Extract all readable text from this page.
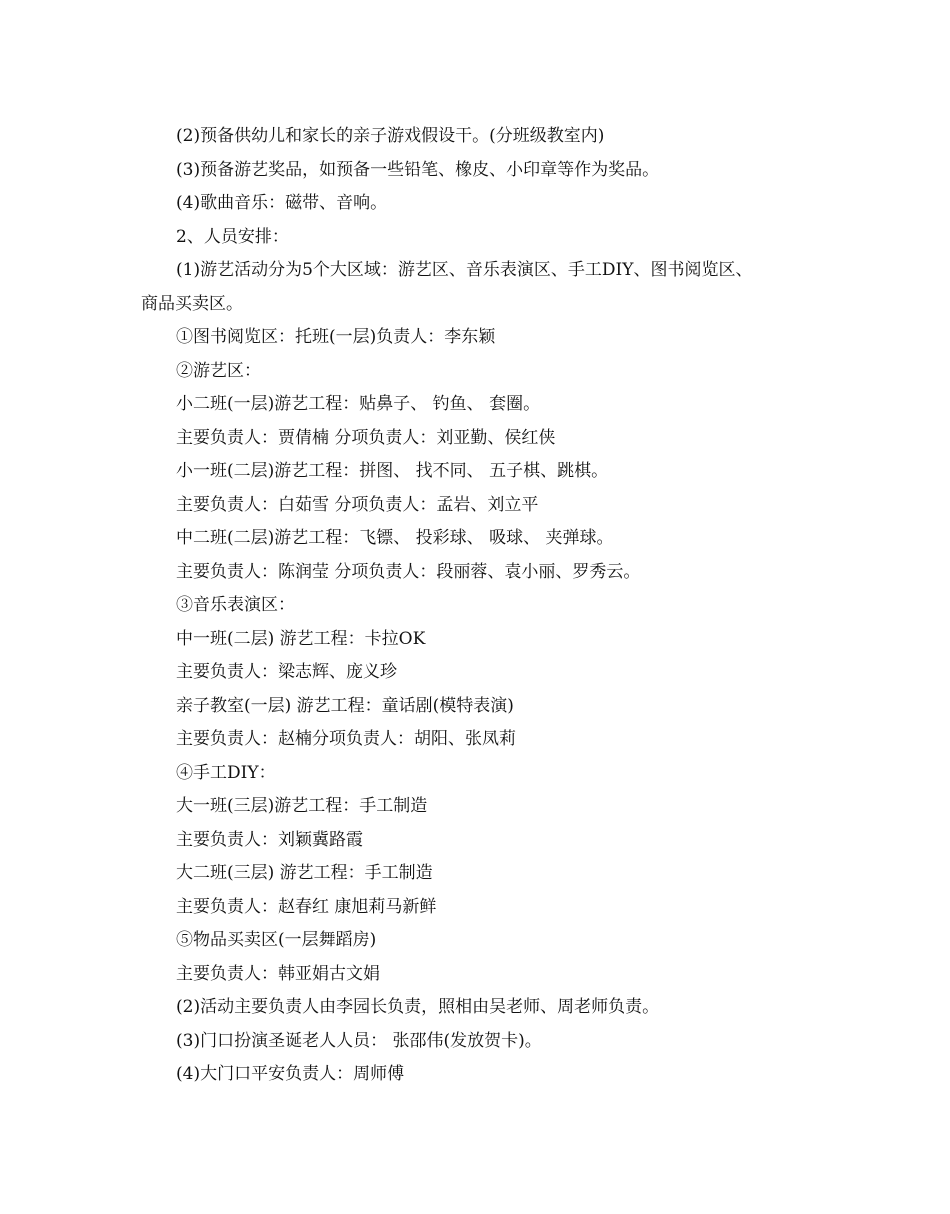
(2)预备供幼儿和家长的亲子游戏假设干。(分班级教室内)
(3)预备游艺奖品，如预备一些铅笔、橡皮、小印章等作为奖品。
(4)歌曲音乐：磁带、音响。
2、人员安排：
(1)游艺活动分为5个大区域：游艺区、音乐表演区、手工DIY、图书阅览区、
商品买卖区。
①图书阅览区：托班(一层)负责人：李东颖
②游艺区：
小二班(一层)游艺工程：贴鼻子、 钓鱼、 套圈。
主要负责人：贾倩楠 分项负责人：刘亚勤、侯红侠
小一班(二层)游艺工程：拼图、 找不同、 五子棋、跳棋。
主要负责人：白茹雪 分项负责人：孟岩、刘立平
中二班(二层)游艺工程：飞镖、 投彩球、 吸球、 夹弹球。
主要负责人：陈润莹 分项负责人：段丽蓉、袁小丽、罗秀云。
③音乐表演区：
中一班(二层) 游艺工程：卡拉OK
主要负责人：梁志辉、庞义珍
亲子教室(一层) 游艺工程：童话剧(模特表演)
主要负责人：赵楠分项负责人：胡阳、张凤莉
④手工DIY：
大一班(三层)游艺工程：手工制造
主要负责人：刘颖冀路霞
大二班(三层) 游艺工程：手工制造
主要负责人：赵春红 康旭莉马新鲜
⑤物品买卖区(一层舞蹈房)
主要负责人：韩亚娟古文娟
(2)活动主要负责人由李园长负责，照相由吴老师、周老师负责。
(3)门口扮演圣诞老人人员： 张邵伟(发放贺卡)。
(4)大门口平安负责人：周师傅
